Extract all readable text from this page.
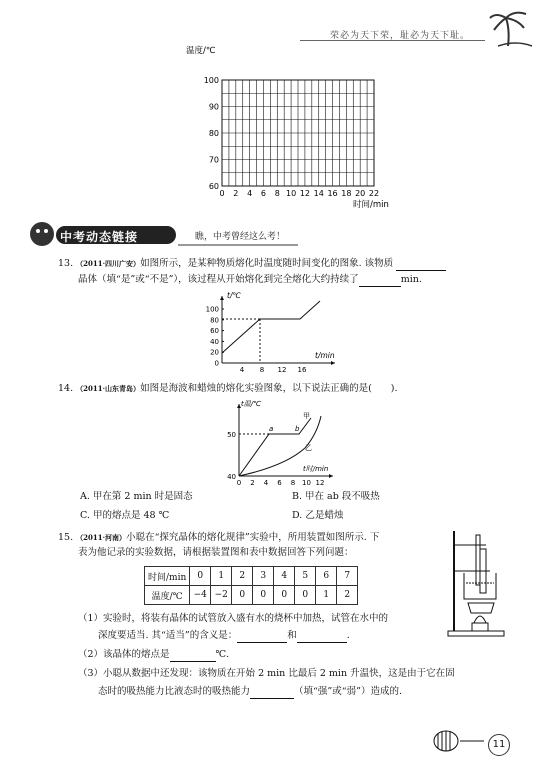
荣必为天下荣，耻必为天下耻。
温度/℃
100
90
80
70
60
0 2 4 6 8 10 12 14 16 18 20 22
时间/min
中考动态链接	瞧，中考曾经这么考！
13. （2011·四川广安）如图所示，是某种物质熔化时温度随时间变化的图象. 该物质
晶体（填“是”或“不是”），该过程从开始熔化到完全熔化大约持续了	min.
t/℃
t/min
100
80
60
40
20
0
4 8 12 16
14. （2011·山东青岛）如图是海波和蜡烛的熔化实验图象，以下说法正确的是(　　).
t温/℃
t时/min
50
40
0 2 4 6 8 10 12
a	b
甲
乙
A. 甲在第 2 min 时是固态	B. 甲在 ab 段不吸热
C. 甲的熔点是 48 ℃	D. 乙是蜡烛
15. （2011·河南）小聪在“探究晶体的熔化规律”实验中，所用装置如图所示. 下
表为他记录的实验数据，请根据装置图和表中数据回答下列问题：
时间/min	0	1	2	3	4	5	6	7
温度/℃	−4	−2	0	0	0	0	1	2
（1）实验时，将装有晶体的试管放入盛有水的烧杯中加热，试管在水中的
深度要适当. 其“适当”的含义是：	和	.
（2）该晶体的熔点是	℃.
（3）小聪从数据中还发现：该物质在开始 2 min 比最后 2 min 升温快，这是由于它在固
态时的吸热能力比液态时的吸热能力	（填“强”或“弱”）造成的.
11
